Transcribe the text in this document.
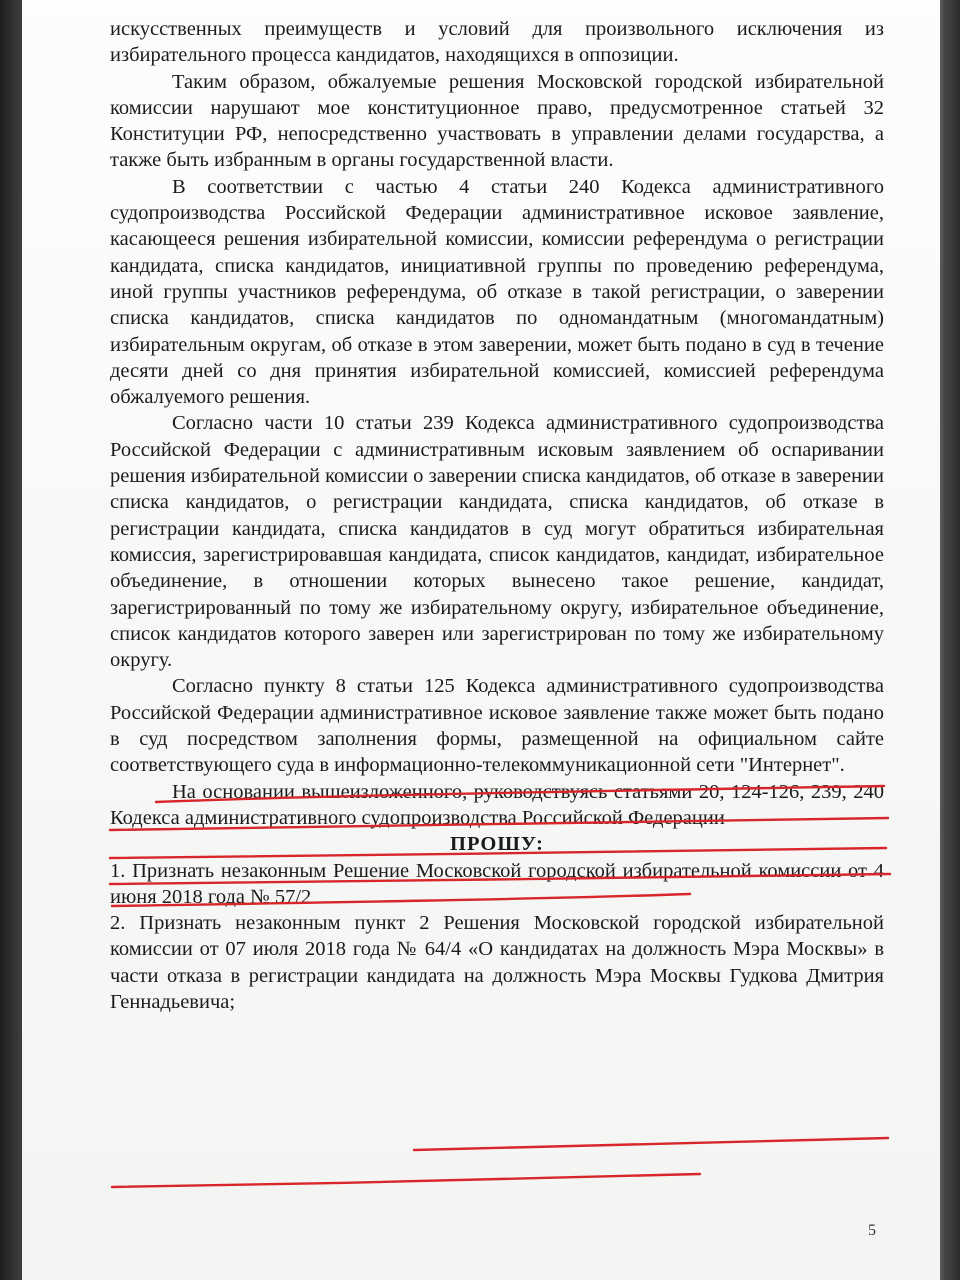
искусственных преимуществ и условий для произвольного исключения из избирательного процесса кандидатов, находящихся в оппозиции.

Таким образом, обжалуемые решения Московской городской избирательной комиссии нарушают мое конституционное право, предусмотренное статьей 32 Конституции РФ, непосредственно участвовать в управлении делами государства, а также быть избранным в органы государственной власти.

В соответствии с частью 4 статьи 240 Кодекса административного судопроизводства Российской Федерации административное исковое заявление, касающееся решения избирательной комиссии, комиссии референдума о регистрации кандидата, списка кандидатов, инициативной группы по проведению референдума, иной группы участников референдума, об отказе в такой регистрации, о заверении списка кандидатов, списка кандидатов по одномандатным (многомандатным) избирательным округам, об отказе в этом заверении, может быть подано в суд в течение десяти дней со дня принятия избирательной комиссией, комиссией референдума обжалуемого решения.

Согласно части 10 статьи 239 Кодекса административного судопроизводства Российской Федерации с административным исковым заявлением об оспаривании решения избирательной комиссии о заверении списка кандидатов, об отказе в заверении списка кандидатов, о регистрации кандидата, списка кандидатов, об отказе в регистрации кандидата, списка кандидатов в суд могут обратиться избирательная комиссия, зарегистрировавшая кандидата, список кандидатов, кандидат, избирательное объединение, в отношении которых вынесено такое решение, кандидат, зарегистрированный по тому же избирательному округу, избирательное объединение, список кандидатов которого заверен или зарегистрирован по тому же избирательному округу.

Согласно пункту 8 статьи 125 Кодекса административного судопроизводства Российской Федерации административное исковое заявление также может быть подано в суд посредством заполнения формы, размещенной на официальном сайте соответствующего суда в информационно-телекоммуникационной сети "Интернет".

На основании вышеизложенного, руководствуясь статьями 20, 124-126, 239, 240 Кодекса административного судопроизводства Российской Федерации

ПРОШУ:

1. Признать незаконным Решение Московской городской избирательной комиссии от 4 июня 2018 года № 57/2

2. Признать незаконным пункт 2 Решения Московской городской избирательной комиссии от 07 июля 2018 года № 64/4 «О кандидатах на должность Мэра Москвы» в части отказа в регистрации кандидата на должность Мэра Москвы Гудкова Дмитрия Геннадьевича;

5
